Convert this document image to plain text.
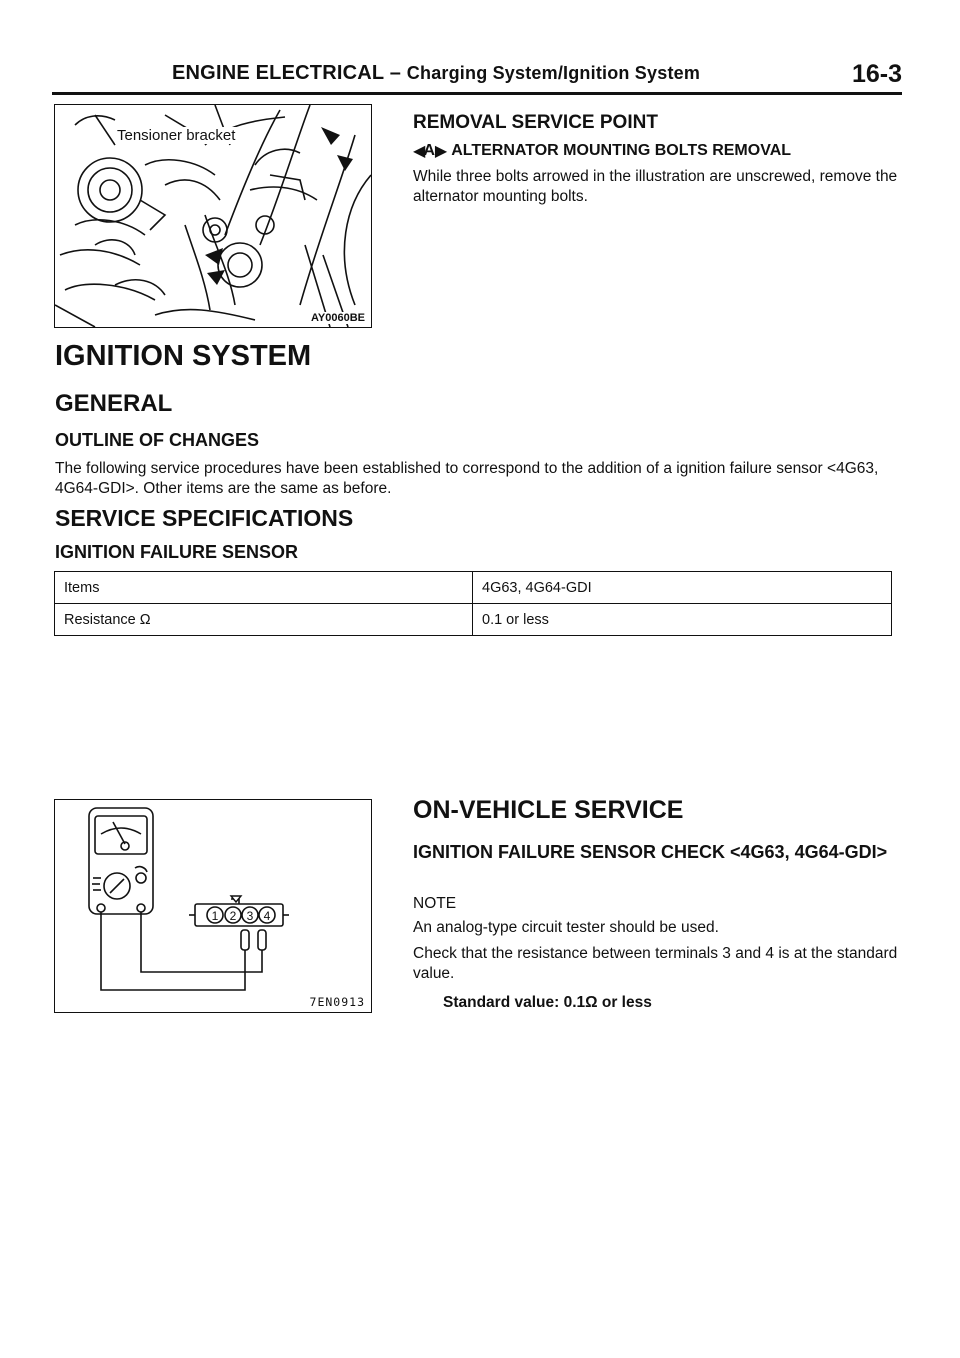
ENGINE ELECTRICAL – Charging System/Ignition System	16-3
Tensioner bracket
AY0060BE
REMOVAL SERVICE POINT
◀ A ▶ ALTERNATOR MOUNTING BOLTS REMOVAL
While three bolts arrowed in the illustration are unscrewed, remove the alternator mounting bolts.
IGNITION SYSTEM
GENERAL
OUTLINE OF CHANGES
The following service procedures have been established to correspond to the addition of a ignition failure sensor <4G63, 4G64-GDI>. Other items are the same as before.
SERVICE SPECIFICATIONS
IGNITION FAILURE SENSOR
Items	4G63, 4G64-GDI
Resistance Ω	0.1 or less
1 2 3 4
7EN0913
ON-VEHICLE SERVICE
IGNITION FAILURE SENSOR CHECK <4G63, 4G64-GDI>
NOTE
An analog-type circuit tester should be used.
Check that the resistance between terminals 3 and 4 is at the standard value.
Standard value: 0.1Ω or less
